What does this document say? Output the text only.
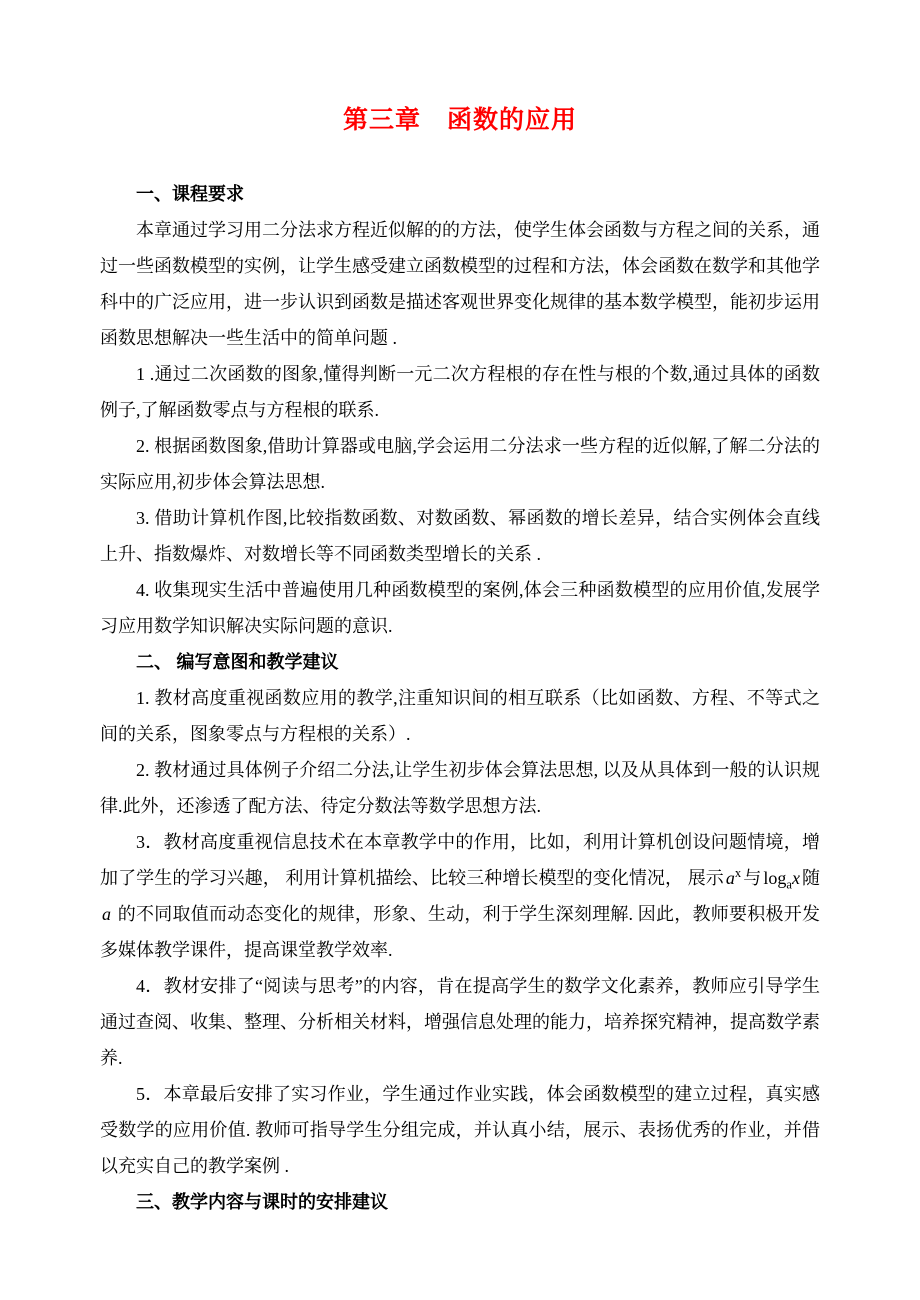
第三章　函数的应用
一、课程要求

本章通过学习用二分法求方程近似解的的方法，使学生体会函数与方程之间的关系，通过一些函数模型的实例，让学生感受建立函数模型的过程和方法，体会函数在数学和其他学科中的广泛应用，进一步认识到函数是描述客观世界变化规律的基本数学模型，能初步运用函数思想解决一些生活中的简单问题 .

1 .通过二次函数的图象,懂得判断一元二次方程根的存在性与根的个数,通过具体的函数例子,了解函数零点与方程根的联系.

2. 根据函数图象,借助计算器或电脑,学会运用二分法求一些方程的近似解,了解二分法的实际应用,初步体会算法思想.

3. 借助计算机作图,比较指数函数、对数函数、幂函数的增长差异，结合实例体会直线上升、指数爆炸、对数增长等不同函数类型增长的关系 .

4. 收集现实生活中普遍使用几种函数模型的案例,体会三种函数模型的应用价值,发展学习应用数学知识解决实际问题的意识.

二、 编写意图和教学建议

1. 教材高度重视函数应用的教学,注重知识间的相互联系（比如函数、方程、不等式之间的关系，图象零点与方程根的关系）.

2. 教材通过具体例子介绍二分法,让学生初步体会算法思想, 以及从具体到一般的认识规律.此外，还渗透了配方法、待定分数法等数学思想方法.

3．教材高度重视信息技术在本章教学中的作用，比如，利用计算机创设问题情境，增加了学生的学习兴趣， 利用计算机描绘、比较三种增长模型的变化情况， 展示 $a^x$ 与 $\log_ax$ 随a 的不同取值而动态变化的规律，形象、生动，利于学生深刻理解. 因此，教师要积极开发多媒体教学课件，提高课堂教学效率.

4．教材安排了“阅读与思考”的内容，肯在提高学生的数学文化素养，教师应引导学生通过查阅、收集、整理、分析相关材料，增强信息处理的能力，培养探究精神，提高数学素养.

5．本章最后安排了实习作业，学生通过作业实践，体会函数模型的建立过程，真实感受数学的应用价值. 教师可指导学生分组完成，并认真小结，展示、表扬优秀的作业，并借以充实自己的教学案例 .

三、教学内容与课时的安排建议
